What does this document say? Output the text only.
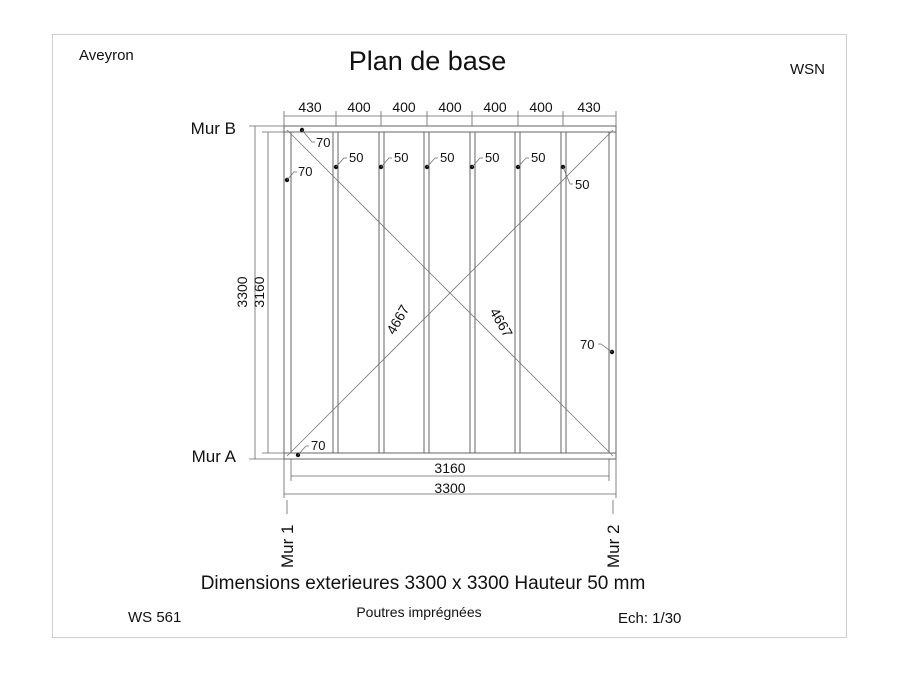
Aveyron	Plan de base	WSN
430 400 400 400 400 400 430
3300 3160
3160
3300
Mur B
Mur A
Mur 1	Mur 2
70
70
50 50 50 50 50
50
70
70
4667	4667
Dimensions exterieures 3300 x 3300 Hauteur 50 mm
WS 561	Poutres imprégnées	Ech: 1/30
